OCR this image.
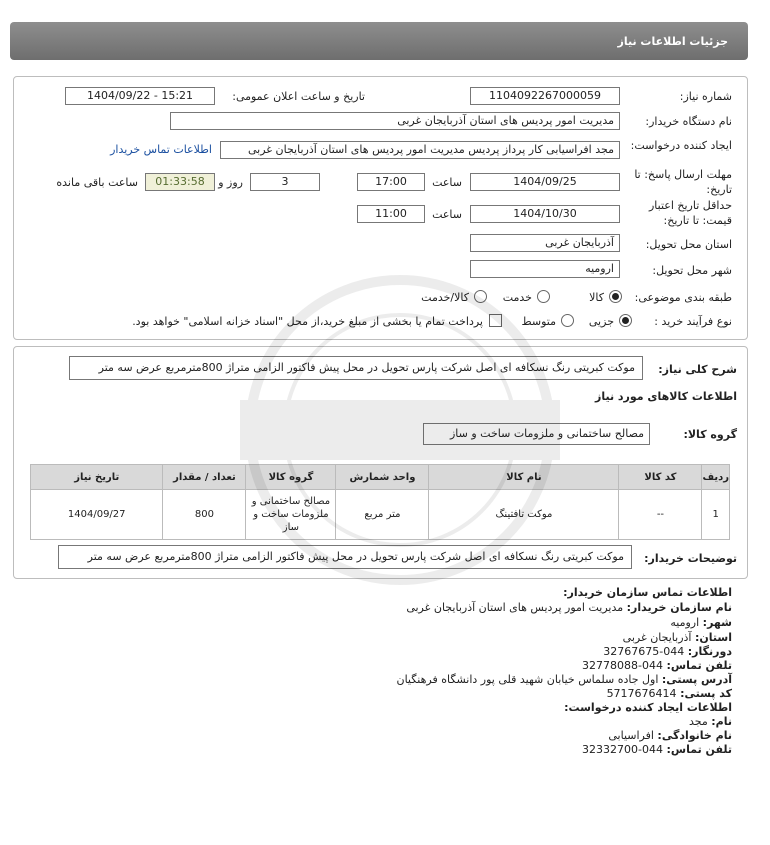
جزئیات اطلاعات نیاز
شماره نیاز:
1104092267000059
تاریخ و ساعت اعلان عمومی:
1404/09/22 - 15:21
نام دستگاه خریدار:
مدیریت امور پردیس های استان آذربایجان غربی
ایجاد کننده درخواست:
مجد افراسیابی کار پرداز پردیس مدیریت امور پردیس های استان آذربایجان غربی
اطلاعات تماس خریدار
مهلت ارسال پاسخ: تا تاریخ:
1404/09/25
ساعت
17:00
3
روز و
01:33:58
ساعت باقی مانده
حداقل تاریخ اعتبار قیمت: تا تاریخ:
1404/10/30
ساعت
11:00
استان محل تحویل:
آذربایجان غربی
شهر محل تحویل:
ارومیه
طبقه بندی موضوعی:
کالا
خدمت
کالا/خدمت
نوع فرآیند خرید :
جزیی
متوسط
پرداخت تمام یا بخشی از مبلغ خرید،از محل "اسناد خزانه اسلامی" خواهد بود.
شرح کلی نیاز:
موکت کبریتی رنگ نسکافه ای اصل شرکت پارس تحویل در محل پیش فاکتور الزامی متراژ 800مترمربع عرض سه متر
اطلاعات کالاهای مورد نیاز
گروه کالا:
مصالح ساختمانی و ملزومات ساخت و ساز
ردیف	کد کالا	نام کالا	واحد شمارش	گروه کالا	تعداد / مقدار	تاریخ نیاز
1	--	موکت تافتینگ	متر مربع	مصالح ساختمانی و ملزومات ساخت و ساز	800	1404/09/27
توضیحات خریدار:
موکت کبریتی رنگ نسکافه ای اصل شرکت پارس تحویل در محل پیش فاکتور الزامی متراژ 800مترمربع عرض سه متر
اطلاعات تماس سازمان خریدار:
نام سازمان خریدار: مدیریت امور پردیس های استان آذربایجان غربی
شهر: ارومیه
استان: آذربایجان غربی
دورنگار: 044-32767675
تلفن تماس: 044-32778088
آدرس پستی: اول جاده سلماس خیابان شهید قلی پور دانشگاه فرهنگیان
کد پستی: 5717676414
اطلاعات ایجاد کننده درخواست:
نام: مجد
نام خانوادگی: افراسیابی
تلفن تماس: 044-32332700
